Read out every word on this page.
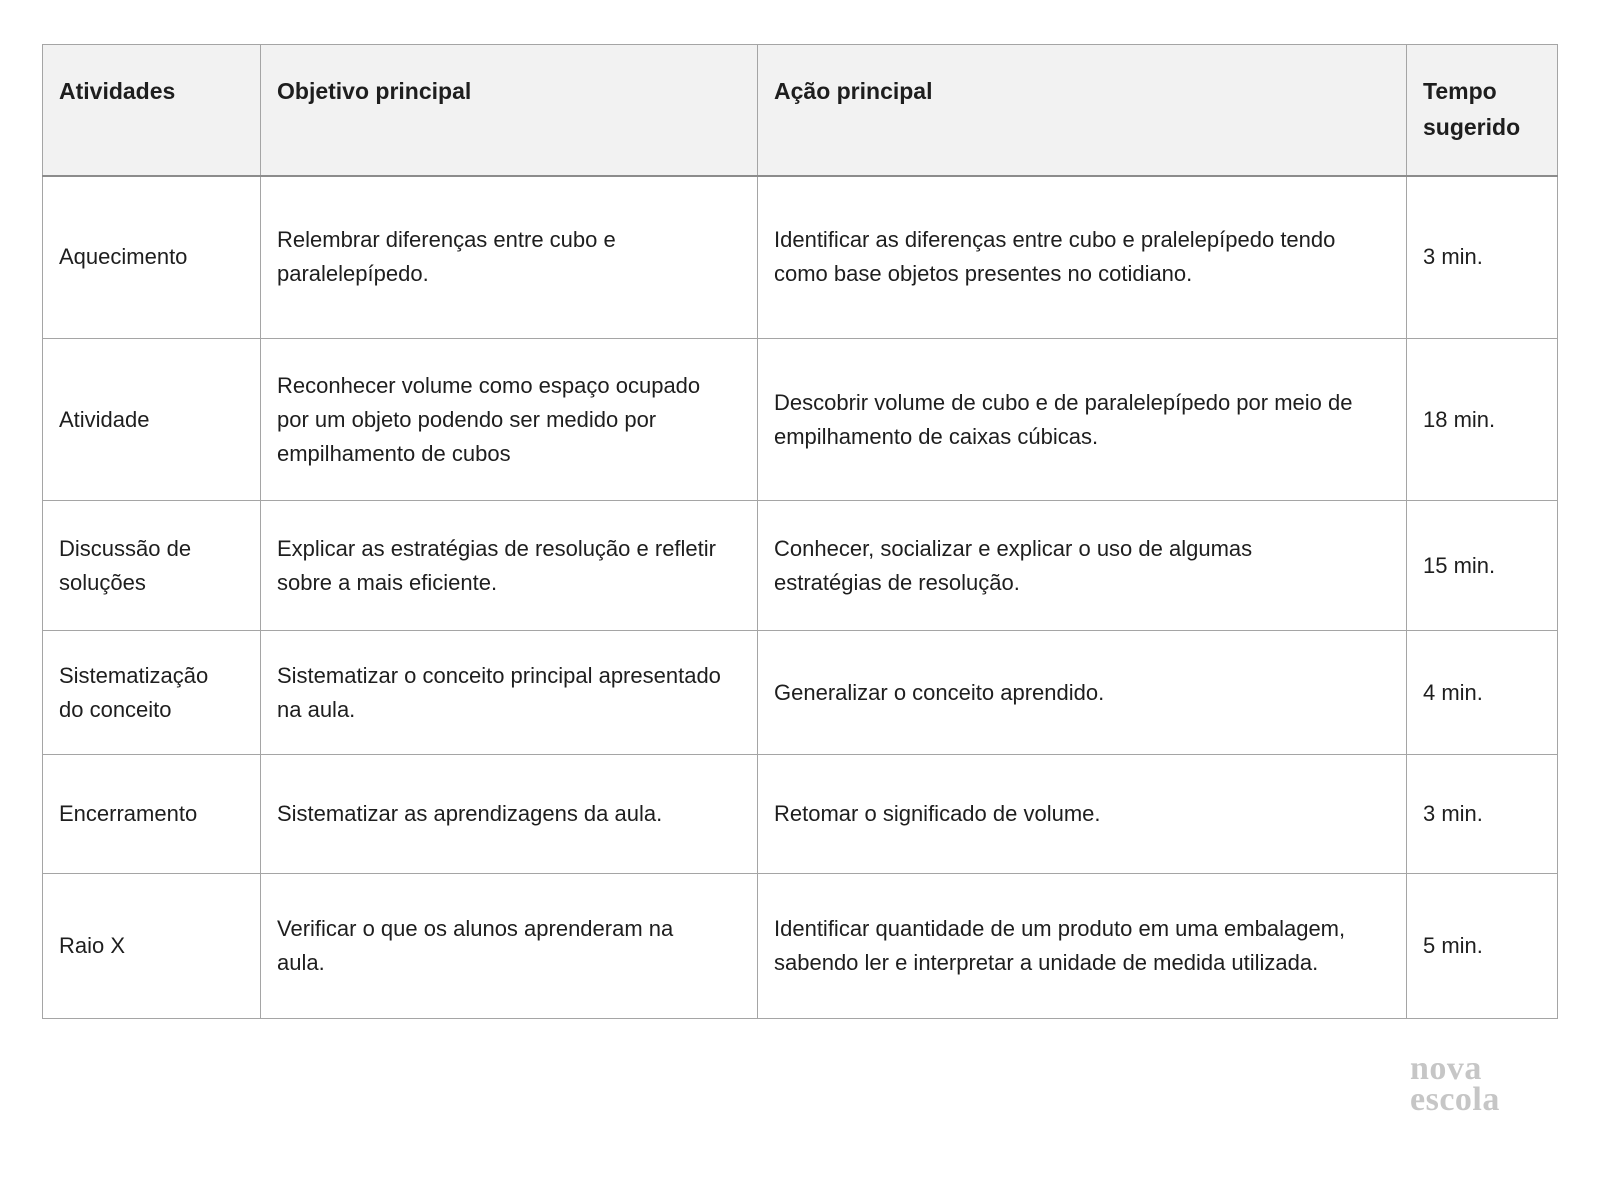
Atividades	Objetivo principal	Ação principal	Tempo sugerido
Aquecimento	Relembrar diferenças entre cubo e paralelepípedo.	Identificar as diferenças entre cubo e pralelepípedo tendo como base objetos presentes no cotidiano.	3 min.
Atividade	Reconhecer volume como espaço ocupado por um objeto podendo ser medido por empilhamento de cubos	Descobrir volume de cubo e de paralelepípedo por meio de empilhamento de caixas cúbicas.	18 min.
Discussão de soluções	Explicar as estratégias de resolução e refletir sobre a mais eficiente.	Conhecer, socializar e explicar o uso de algumas estratégias de resolução.	15 min.
Sistematização do conceito	Sistematizar o conceito principal apresentado na aula.	Generalizar o conceito aprendido.	4 min.
Encerramento	Sistematizar as aprendizagens da aula.	Retomar o significado de volume.	3 min.
Raio X	Verificar o que os alunos aprenderam na aula.	Identificar quantidade de um produto em uma embalagem, sabendo ler e interpretar a unidade de medida utilizada.	5 min.
nova
escola
